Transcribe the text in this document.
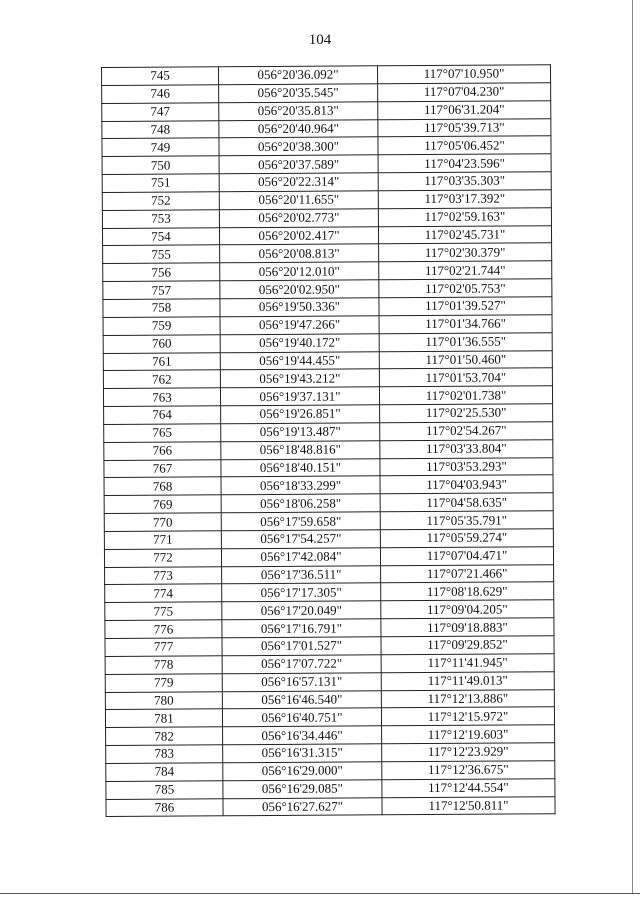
104
745	056°20'36.092"	117°07'10.950"
746	056°20'35.545"	117°07'04.230"
747	056°20'35.813"	117°06'31.204"
748	056°20'40.964"	117°05'39.713"
749	056°20'38.300"	117°05'06.452"
750	056°20'37.589"	117°04'23.596"
751	056°20'22.314"	117°03'35.303"
752	056°20'11.655"	117°03'17.392"
753	056°20'02.773"	117°02'59.163"
754	056°20'02.417"	117°02'45.731"
755	056°20'08.813"	117°02'30.379"
756	056°20'12.010"	117°02'21.744"
757	056°20'02.950"	117°02'05.753"
758	056°19'50.336"	117°01'39.527"
759	056°19'47.266"	117°01'34.766"
760	056°19'40.172"	117°01'36.555"
761	056°19'44.455"	117°01'50.460"
762	056°19'43.212"	117°01'53.704"
763	056°19'37.131"	117°02'01.738"
764	056°19'26.851"	117°02'25.530"
765	056°19'13.487"	117°02'54.267"
766	056°18'48.816"	117°03'33.804"
767	056°18'40.151"	117°03'53.293"
768	056°18'33.299"	117°04'03.943"
769	056°18'06.258"	117°04'58.635"
770	056°17'59.658"	117°05'35.791"
771	056°17'54.257"	117°05'59.274"
772	056°17'42.084"	117°07'04.471"
773	056°17'36.511"	117°07'21.466"
774	056°17'17.305"	117°08'18.629"
775	056°17'20.049"	117°09'04.205"
776	056°17'16.791"	117°09'18.883"
777	056°17'01.527"	117°09'29.852"
778	056°17'07.722"	117°11'41.945"
779	056°16'57.131"	117°11'49.013"
780	056°16'46.540"	117°12'13.886"
781	056°16'40.751"	117°12'15.972"
782	056°16'34.446"	117°12'19.603"
783	056°16'31.315"	117°12'23.929"
784	056°16'29.000"	117°12'36.675"
785	056°16'29.085"	117°12'44.554"
786	056°16'27.627"	117°12'50.811"
